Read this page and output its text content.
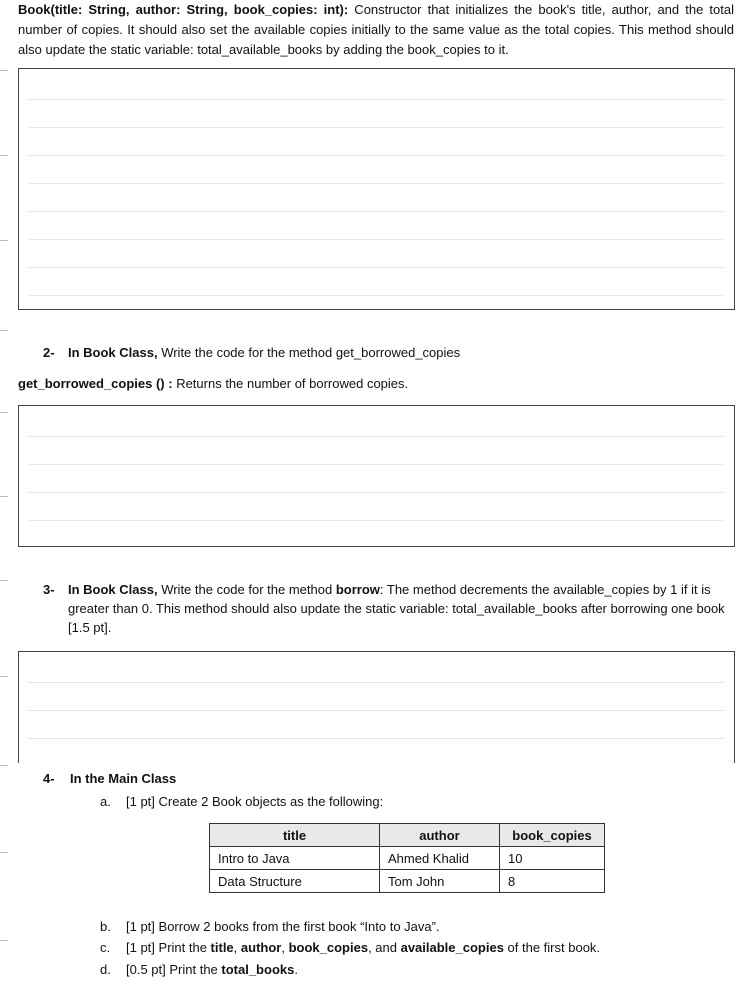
Book(title: String, author: String, book_copies: int): Constructor that initializes the book's title, author, and the total number of copies. It should also set the available copies initially to the same value as the total copies. This method should also update the static variable: total_available_books by adding the book_copies to it.
2- In Book Class, Write the code for the method get_borrowed_copies
get_borrowed_copies () : Returns the number of borrowed copies.
3- In Book Class, Write the code for the method borrow: The method decrements the available_copies by 1 if it is greater than 0. This method should also update the static variable: total_available_books after borrowing one book [1.5 pt].
4- In the Main Class
a. [1 pt] Create 2 Book objects as the following:
title	author	book_copies
Intro to Java	Ahmed Khalid	10
Data Structure	Tom John	8
b. [1 pt] Borrow 2 books from the first book “Into to Java”.
c. [1 pt] Print the title, author, book_copies, and available_copies of the first book.
d. [0.5 pt] Print the total_books.
